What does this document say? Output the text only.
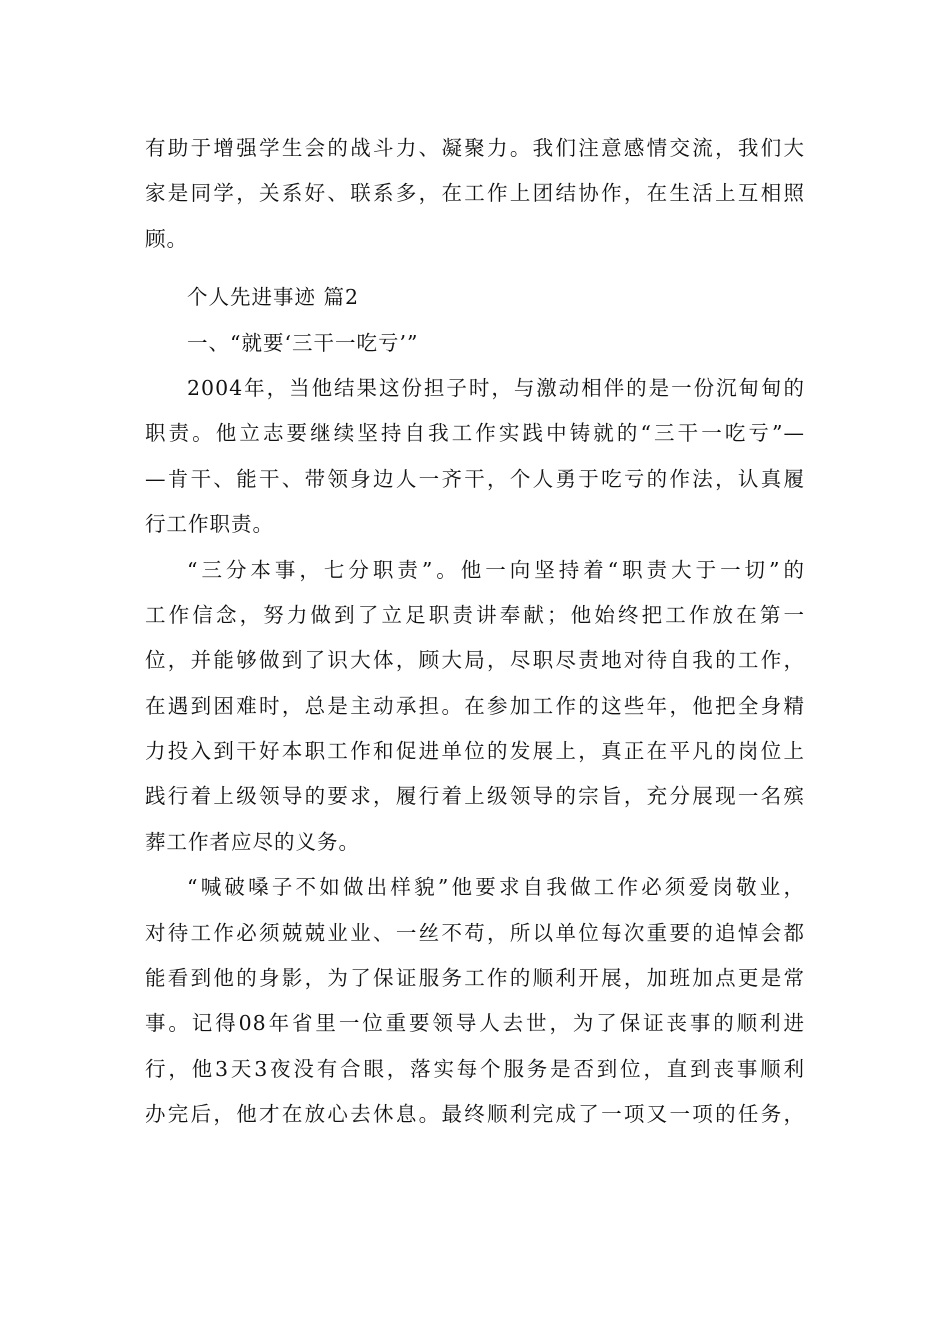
有助于增强学生会的战斗力、凝聚力。我们注意感情交流，我们大
家是同学，关系好、联系多，在工作上团结协作，在生活上互相照
顾。
个人先进事迹 篇2
一、“就要‘三干一吃亏’”
2004年，当他结果这份担子时，与激动相伴的是一份沉甸甸的
职责。他立志要继续坚持自我工作实践中铸就的“三干一吃亏”—
—肯干、能干、带领身边人一齐干，个人勇于吃亏的作法，认真履
行工作职责。
“三分本事，七分职责”。他一向坚持着“职责大于一切”的
工作信念，努力做到了立足职责讲奉献；他始终把工作放在第一
位，并能够做到了识大体，顾大局，尽职尽责地对待自我的工作，
在遇到困难时，总是主动承担。在参加工作的这些年，他把全身精
力投入到干好本职工作和促进单位的发展上，真正在平凡的岗位上
践行着上级领导的要求，履行着上级领导的宗旨，充分展现一名殡
葬工作者应尽的义务。
“喊破嗓子不如做出样貌”他要求自我做工作必须爱岗敬业，
对待工作必须兢兢业业、一丝不苟，所以单位每次重要的追悼会都
能看到他的身影，为了保证服务工作的顺利开展，加班加点更是常
事。记得08年省里一位重要领导人去世，为了保证丧事的顺利进
行，他3天3夜没有合眼，落实每个服务是否到位，直到丧事顺利
办完后，他才在放心去休息。最终顺利完成了一项又一项的任务，
